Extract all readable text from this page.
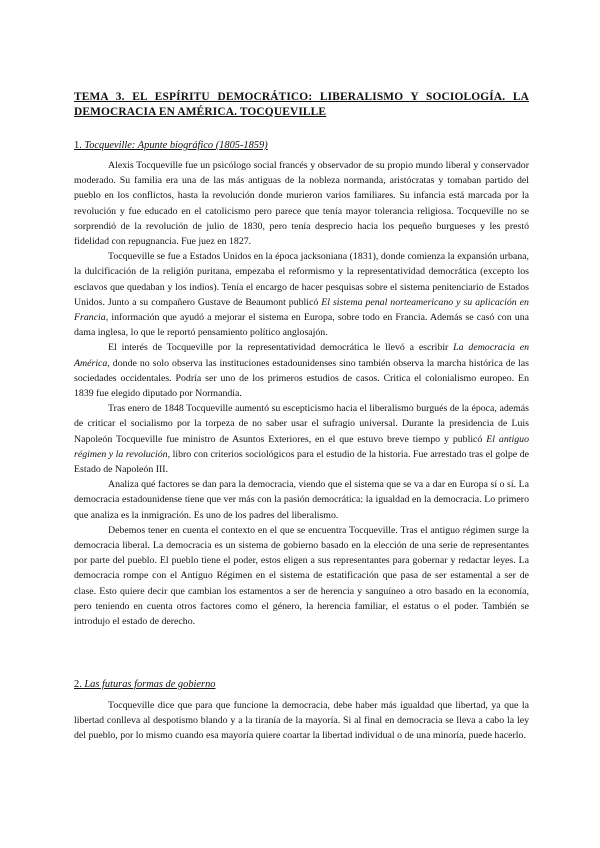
TEMA 3. EL ESPÍRITU DEMOCRÁTICO: LIBERALISMO Y SOCIOLOGÍA. LA DEMOCRACIA EN AMÉRICA. TOCQUEVILLE
1. Tocqueville: Apunte biográfico (1805-1859)

Alexis Tocqueville fue un psicólogo social francés y observador de su propio mundo liberal y conservador moderado. Su familia era una de las más antiguas de la nobleza normanda, aristócratas y tomaban partido del pueblo en los conflictos, hasta la revolución donde murieron varios familiares. Su infancia está marcada por la revolución y fue educado en el catolicismo pero parece que tenía mayor tolerancia religiosa. Tocqueville no se sorprendió de la revolución de julio de 1830, pero tenía desprecio hacia los pequeño burgueses y les prestó fidelidad con repugnancia. Fue juez en 1827.

Tocqueville se fue a Estados Unidos en la época jacksoniana (1831), donde comienza la expansión urbana, la dulcificación de la religión puritana, empezaba el reformismo y la representatividad democrática (excepto los esclavos que quedaban y los indios). Tenía el encargo de hacer pesquisas sobre el sistema penitenciario de Estados Unidos. Junto a su compañero Gustave de Beaumont publicó El sistema penal norteamericano y su aplicación en Francia, información que ayudó a mejorar el sistema en Europa, sobre todo en Francia. Además se casó con una dama inglesa, lo que le reportó pensamiento político anglosajón.

El interés de Tocqueville por la representatividad democrática le llevó a escribir La democracia en América, donde no solo observa las instituciones estadounidenses sino también observa la marcha histórica de las sociedades occidentales. Podría ser uno de los primeros estudios de casos. Critica el colonialismo europeo. En 1839 fue elegido diputado por Normandía.

Tras enero de 1848 Tocqueville aumentó su escepticismo hacia el liberalismo burgués de la época, además de criticar el socialismo por la torpeza de no saber usar el sufragio universal. Durante la presidencia de Luis Napoleón Tocqueville fue ministro de Asuntos Exteriores, en el que estuvo breve tiempo y publicó El antiguo régimen y la revolución, libro con criterios sociológicos para el estudio de la historia. Fue arrestado tras el golpe de Estado de Napoleón III.

Analiza qué factores se dan para la democracia, viendo que el sistema que se va a dar en Europa sí o sí. La democracia estadounidense tiene que ver más con la pasión democrática: la igualdad en la democracia. Lo primero que analiza es la inmigración. Es uno de los padres del liberalismo.

Debemos tener en cuenta el contexto en el que se encuentra Tocqueville. Tras el antiguo régimen surge la democracia liberal. La democracia es un sistema de gobierno basado en la elección de una serie de representantes por parte del pueblo. El pueblo tiene el poder, estos eligen a sus representantes para gobernar y redactar leyes. La democracia rompe con el Antiguo Régimen en el sistema de estatificación que pasa de ser estamental a ser de clase. Esto quiere decir que cambian los estamentos a ser de herencia y sanguíneo a otro basado en la economía, pero teniendo en cuenta otros factores como el género, la herencia familiar, el estatus o el poder. También se introdujo el estado de derecho.

2. Las futuras formas de gobierno

Tocqueville dice que para que funcione la democracia, debe haber más igualdad que libertad, ya que la libertad conlleva al despotismo blando y a la tiranía de la mayoría. Si al final en democracia se lleva a cabo la ley del pueblo, por lo mismo cuando esa mayoría quiere coartar la libertad individual o de una minoría, puede hacerlo.
